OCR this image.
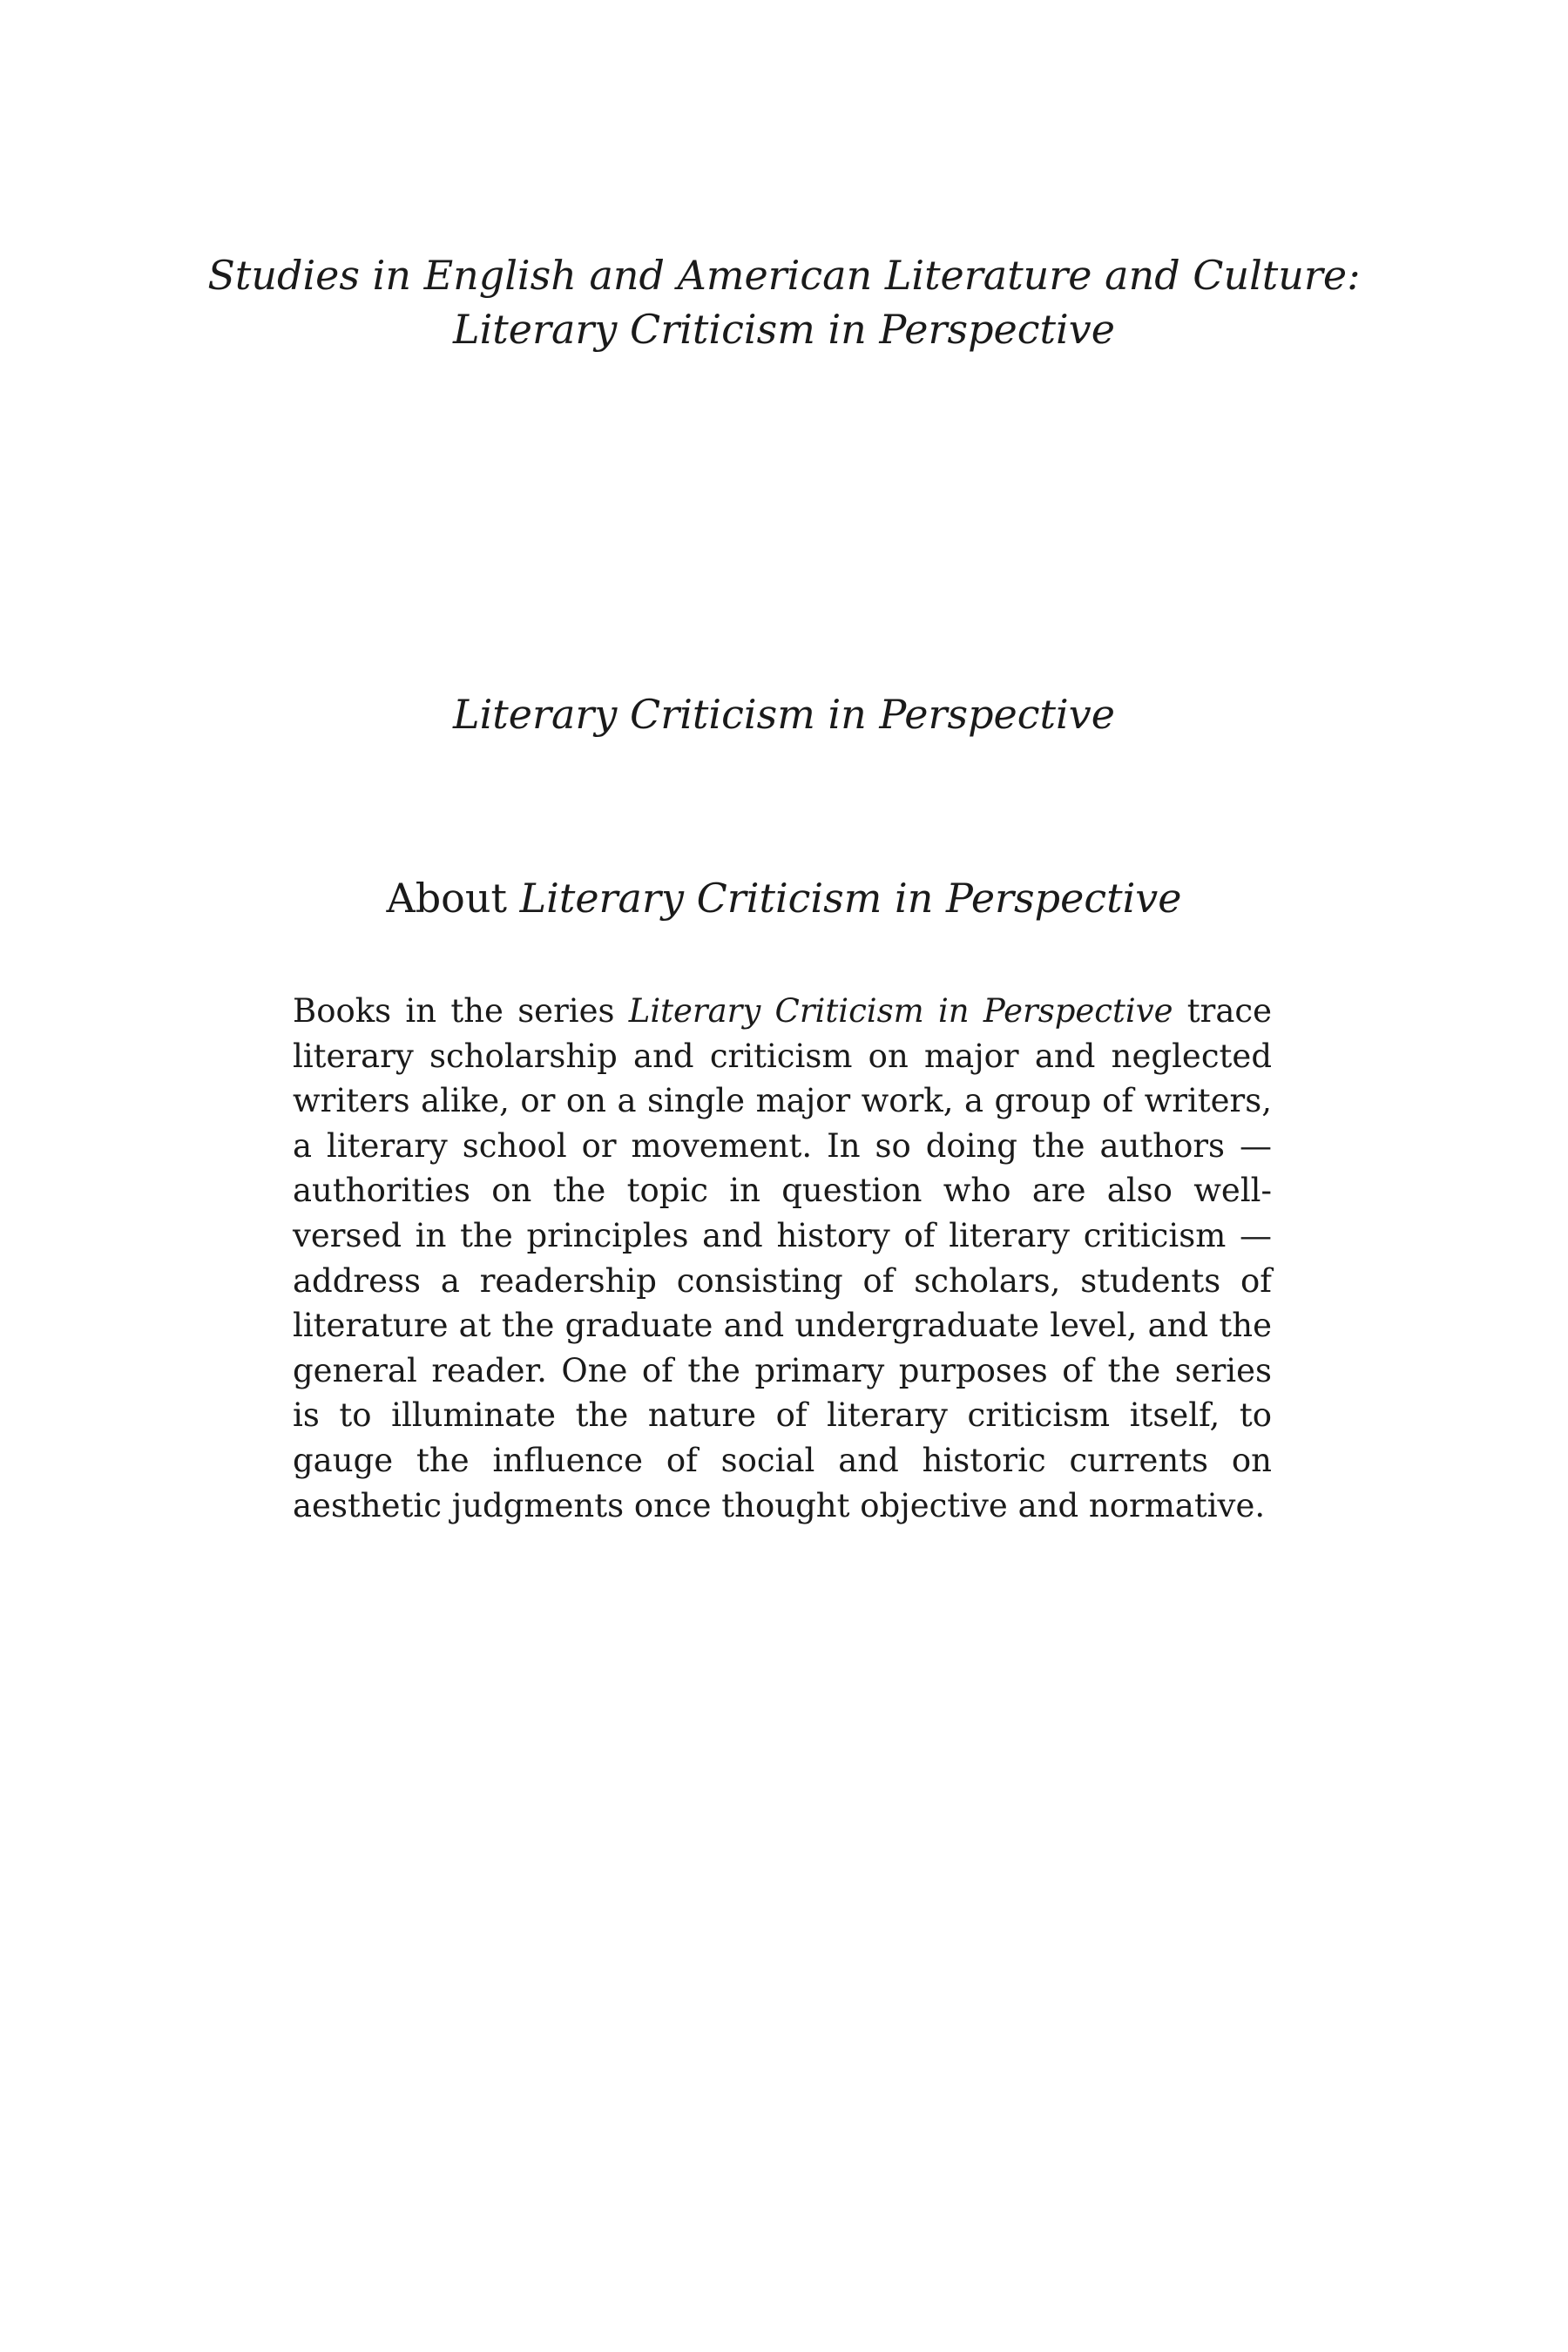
Studies in English and American Literature and Culture:
Literary Criticism in Perspective
Literary Criticism in Perspective
About Literary Criticism in Perspective

Books in the series Literary Criticism in Perspective trace literary scholarship and criticism on major and neglected writers alike, or on a single major work, a group of writers, a literary school or movement. In so doing the authors — authorities on the topic in question who are also well-versed in the principles and history of literary criticism — address a readership consisting of scholars, students of literature at the graduate and undergraduate level, and the general reader. One of the primary purposes of the series is to illuminate the nature of literary criticism itself, to gauge the influence of social and historic currents on aesthetic judgments once thought objective and normative.
